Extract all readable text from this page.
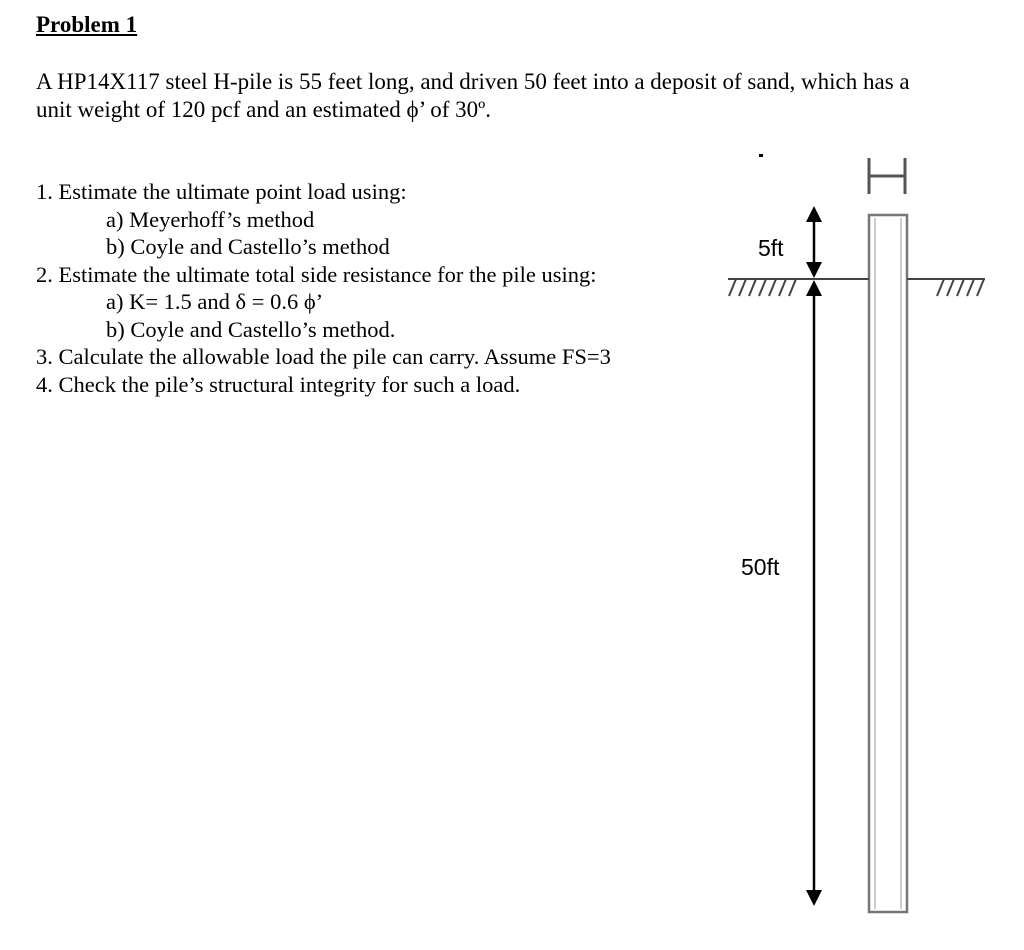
Problem 1

A HP14X117 steel H-pile is 55 feet long, and driven 50 feet into a deposit of sand, which has a
unit weight of 120 pcf and an estimated ϕ’ of 30º.

1. Estimate the ultimate point load using:
a) Meyerhoff’s method
b) Coyle and Castello’s method
2. Estimate the ultimate total side resistance for the pile using:
a) K= 1.5 and δ = 0.6 ϕ’
b) Coyle and Castello’s method.
3. Calculate the allowable load the pile can carry. Assume FS=3
4. Check the pile’s structural integrity for such a load.
H
5ft
50ft
